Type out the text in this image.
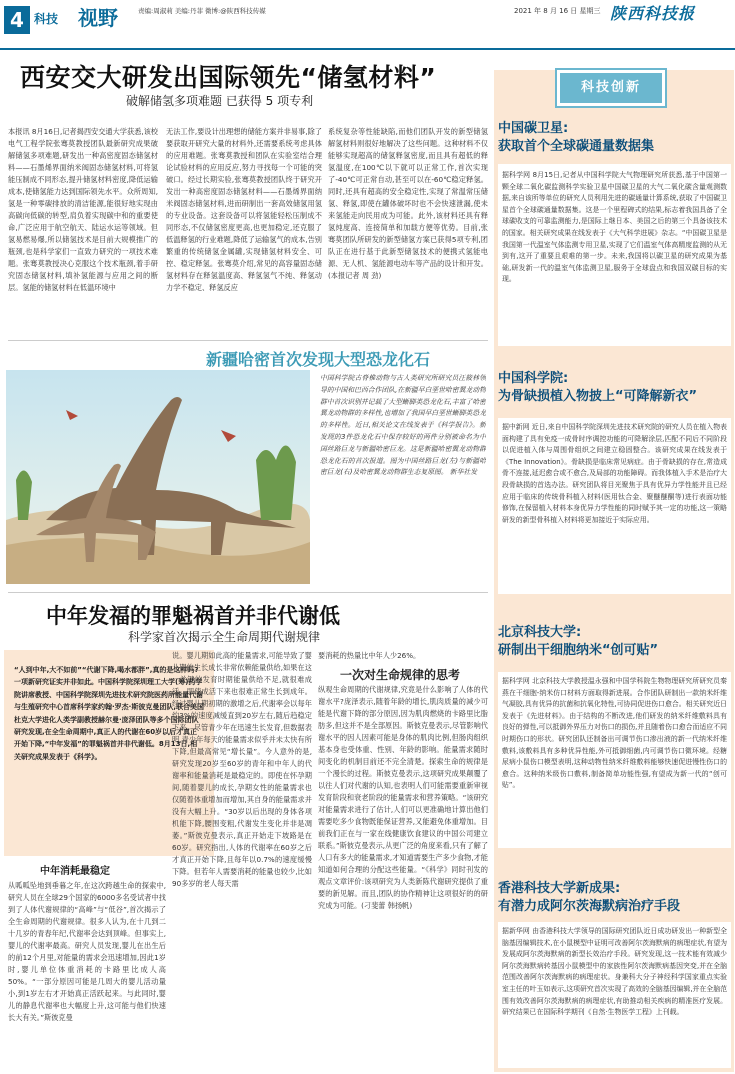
4 科技 视野	责编:周淑莉 美编:丹菲 微博:@陕西科技传媒	2021 年 8 月 16 日 星期三 陕西科技报
西安交大研发出国际领先“储氢材料”
破解储氢多项难题 已获得 5 项专利
本报讯 8月16日,记者揭西安交通大学获悉,该校电气工程学院张骞莫教授团队最新研究成果破解储氢多项难题,研发出一种高密度固态储氢材料——石墨烯界面纳米阀固态储氢材料,可将氢能压制成不同形态,提升储氢材料密度,降低运输成本,使储氢能力达到国际领先水平。众所周知,氢是一种零碳排放的清洁能源,能很好地实现由高碳向低碳的转型,肩负着实现碳中和的重要使命,广泛应用于航空航天、陆运水运等领域。但氢易燃易爆,所以储氢技术是目前大规模推广的瓶颈,也是科学家们一直致力研究的一项技术难题。张骞莫教授决心克服这个技术瓶颈,着手研究固态储氢材料,填补氢能源与应用之间的断层。氢能的储氢材料在低温环境中
无法工作,要设计出理想的储能方案并非易事,除了要获取开研究大量的材料外,还需要系统考虑具体的应用难题。张骞莫教授和团队在实验室结合理论试验材料的应用反应,努力寻找每一个可能的突破口。经过长期实验,张骞莫教授团队终于研究开发出一种高密度固态储氢材料——石墨烯界面纳米阀固态储氢材料,进而研制出一套高效储氢用氢的专业设备。这套设备可以将氢能轻松压制成不同形态,不仅储氢密度更高,也更加稳定,还克服了低温释氢的行业难题,降低了运输氢气的成本,告别繁重的传统储氢金属罐,实现储氢材料安全、可控、稳定释氢。张骞莫介绍,常见的高容量固态储氢材料存在释氢温度高、释氢氢气不纯、释氢动力学不稳定、释氢反应
系统复杂等性能缺陷,而他们团队开发的新型储氢解氢材料则很好地解决了这些问题。这种材料不仅能够实现超高的储氢释氢密度,而且具有超低的释氢温度,在100℃以下就可以正常工作,首次实现了-40℃可正常自动,甚至可以在-60℃稳定释氢。同时,还具有超高的安全稳定性,实现了常温常压储氢、释氢,即使在罐体破坏时也不会快速泄漏,使未来氢能走向民用成为可能。此外,该材料还具有释氢纯度高、连接简单和加载方便等优势。目前,张骞莫团队所研发的新型储氢方案已获得5项专利,团队正在进行基于此新型储氢技术的便携式氢能电源、无人机、氢能源电动车等产品的设计和开发。(本报记者 周 劲)
科技创新
中国碳卫星:
获取首个全球碳通量数据集
据科学网 8月15日,记者从中国科学院大气物理研究所获悉,基于中国第一颗全球二氧化碳监测科学实验卫星中国碳卫星的大气二氧化碳含量观测数据,来自该所等单位的研究人员利用先进的碳通量计算系统,获取了中国碳卫星首个全球碳通量数据集。这是一个里程碑式的结果,标志着我国具备了全球碳收支的可靠监测能力,是国际上继日本、美国之后的第三个具备该技术的国家。相关研究成果在线发表于《大气科学进展》杂志。“中国碳卫星是我国第一代温室气体监测专用卫星,实现了它们温室气体高精度监测的从无到有,这开了重要且艰难的第一步。未来,我国将以碳卫星的研究成果为基础,研发新一代的温室气体监测卫星,服务于全球盘点和我国双碳目标的实现。
中国科学院:
为骨缺损植入物披上“可降解新衣”
据中新网 近日,来自中国科学院深圳先进技术研究院的研究人员在植入物表面构建了具有免疫一成骨时序调控功能的可降解涂层,匹配不同后不同阶段以促进植入体与周围骨组织之间建立稳固整合。该研究成果在线发表于《The Innovation》。骨缺损是临床常见病症。由于骨缺损的存在,常造成骨不连接,延迟愈合或不愈合,及局部的功能障碍。而我体植入手术是治疗大段骨缺损的首选办法。研究团队将目光聚焦于具有优异力学性能并且已经应用于临床的传统骨科植入材料(医用钛合金、聚醚醚酮等)进行表面功能修饰,在保留植入材料本身优异力学性能的同时赋予其一定的功能,这一策略研发的新型骨科植入材料将更加接近于实际应用。
北京科技大学:
研制出干细胞纳米“创可贴”
据科学网 北京科技大学教授温永强和中国学科院生物物理研究所研究员秦燕在干细胞-纳米仿口材料方面取得新进展。合作团队研制出一款纳米纤维气凝胶,具有优异的抗菌和抗氧化特性,可协同促进伤口愈合。相关研究近日发表于《先进材料》。由于结构的不断改进,他们研发的纳米纤维敷料具有良好的弹性,可以抵御外界压力对伤口的损伤,并且随着伤口愈合而适应不同时期伤口的形状。研究团队还制备出可调节伤口渗出液的新一代纳米纤维敷料,该敷料具有多种优异性能,外可抵御细菌,内可调节伤口微环境。经糖尿病小鼠伤口模型表明,这种动物性纳米纤维敷料能够快速促进慢性伤口的愈合。这种纳米级伤口敷料,制备简单功能性强,有望成为新一代的“创可贴”。
香港科技大学新成果:
有潜力成阿尔茨海默病治疗手段
据新华网 由香港科技大学领导的国际研究团队近日成功研发出一种新型全脑基因编辑技术,在小鼠模型中证明可改善阿尔茨海默病的病理症状,有望为发展成阿尔茨海默病的新型长效治疗手段。研究发现,这一技术能有效减少阿尔茨海默病转基因小鼠模型中的家族性阿尔茨海默病基因突变,并在全脑范围改善阿尔茨海默病的病理症状。身兼科大分子神经科学国家重点实验室主任的叶玉如表示,这项研究首次实现了高效的全脑基因编辑,并在全脑范围有效改善阿尔茨海默病的病理症状,有助推动相关疾病的精准医疗发展。研究结果已在国际科学期刊《自然·生物医学工程》上刊载。
新疆哈密首次发现大型恐龙化石
中国科学院古脊椎动物与古人类研究所研究员汪筱林领导的中国和巴西合作团队,在新疆早白垩世哈密翼龙动物群中首次识别并记载了大型蜥脚类恐龙化石,丰富了哈密翼龙动物群的多样性,也增加了我国早白垩世蜥脚类恐龙的多样性。近日,相关论文在线发表于《科学报告》。新发现的3件恐龙化石中保存较好的两件分别被命名为中国丝路巨龙与新疆哈密巨龙。这是新疆哈密翼龙动物群恐龙化石的首次报道。图为中国丝路巨龙(左)与新疆哈密巨龙(右)及哈密翼龙动物群生态复原图。 新华社发
中年发福的罪魁祸首并非代谢低
科学家首次揭示全生命周期代谢规律
“人到中年,大不如前”“代谢下降,喝水都胖”,真的是这样吗?一项新研究证实并非如此。中国科学院深圳理工大学(筹)药学院讲席教授、中国科学院深圳先进技术研究院医药所能量代谢与生殖研究中心首席科学家约翰·罗杰·斯彼克曼团队,联合美国杜克大学进化人类学副教授赫尔曼·庞泽团队等多个国际团队研究发现,在全生命周期中,真正人的代谢在60岁以后才真正开始下降,“中年发福”的罪魁祸首并非代谢低。8月13日,相关研究成果发表于《科学》。
中年消耗最稳定
从呱呱坠地到垂暮之年,在这次跨越生命的探索中,研究人员在全球29个国家的6000多名受试者中找到了人体代谢规律的“高峰”与“低谷”,首次揭示了全生命周期的代谢规律。很多人认为,在十几到二十几岁的青春年纪,代谢率会达到顶峰。但事实上,婴儿的代谢率最高。研究人员发现,婴儿在出生后的前12个月里,对能量的需求会迅速增加,因此1岁时,婴儿单位体重消耗的卡路里比成人高50%。“一部分原因可能是几周大的婴儿活动量小,到1岁左右才开始真正活跃起来。与此同时,婴儿的静息代谢率也大幅度上升,这可能与他们快速长大有关。”斯彼克曼
说。婴儿期如此高的能量需求,可能导致了婴儿期的生长成长非常依赖能量供给,如果在这一关键的发育时期能量供给不足,就很难成活。即使成活下来也很难正常生长到成年。经过婴儿期初期的激增之后,代谢率会以每年约3%的速度减缓直到20岁左右,随后趋稳定下来。尽管青少年在迅速生长发育,但数据表明,青少年每天的能量需求似乎并未太快有所下降,但最高常见“增长量”。今人意外的是,研究发现20岁至60岁的青年和中年人的代谢率和能量消耗是最稳定的。即使在怀孕期间,随着婴儿的成长,孕期女性的能量需求也仅随着体重增加而增加,其自身的能量需求并没有大幅上升。“30岁以后出现的身体各项机能下降,腰围变粗,代谢发生变化并非是凋萎。”斯彼克曼表示,真正开始走下坡路是在60岁。研究指出,人体的代谢率在60岁之后才真正开始下降,且每年以0.7%的速度缓慢下降。但若年人需要消耗的能量也较少,比如90多岁的老人每天需
要消耗的热量比中年人少26%。
一次对生命规律的思考
纵观生命周期的代谢规律,究竟是什么影响了人体的代谢水平?庞泽表示,随着年龄的增长,肌肉质量的减少可能是代谢下降的部分原因,因为肌肉燃烧的卡路里比脂肪多,但这并不是全部原因。斯彼克曼表示,尽管影响代谢水平的因人因素可能是身体的肌肉比例,但肠肉组织基本身也受体重、性别、年龄的影响。能量需求随时间变化的机制目前还不完全清楚。探索生命的规律是一个漫长的过程。斯彼克曼表示,这项研究成果颠覆了以往人们对代谢的认知,也表明人们可能需要重新审视发育阶段和衰老阶段的能量需求和营养策略。“该研究对能量需求进行了估计,人们可以更准确地计算出他们需要吃多少食物既能保证营养,又能避免体重增加。目前我们正在与一家在线健康饮食建议的中国公司建立联系。”斯彼克曼表示,从更广泛的角度来看,只有了解了人口有多大的能量需求,才知道需要生产多少食物,才能知道如何合理的分配这些能量。“《科学》同时刊发的观点文章评价:该项研究为人类新陈代谢研究提供了重要的新见解。而且,团队的协作精神让这项很好的的研究成为可能。(刁斐蕾 韩扬帆)
